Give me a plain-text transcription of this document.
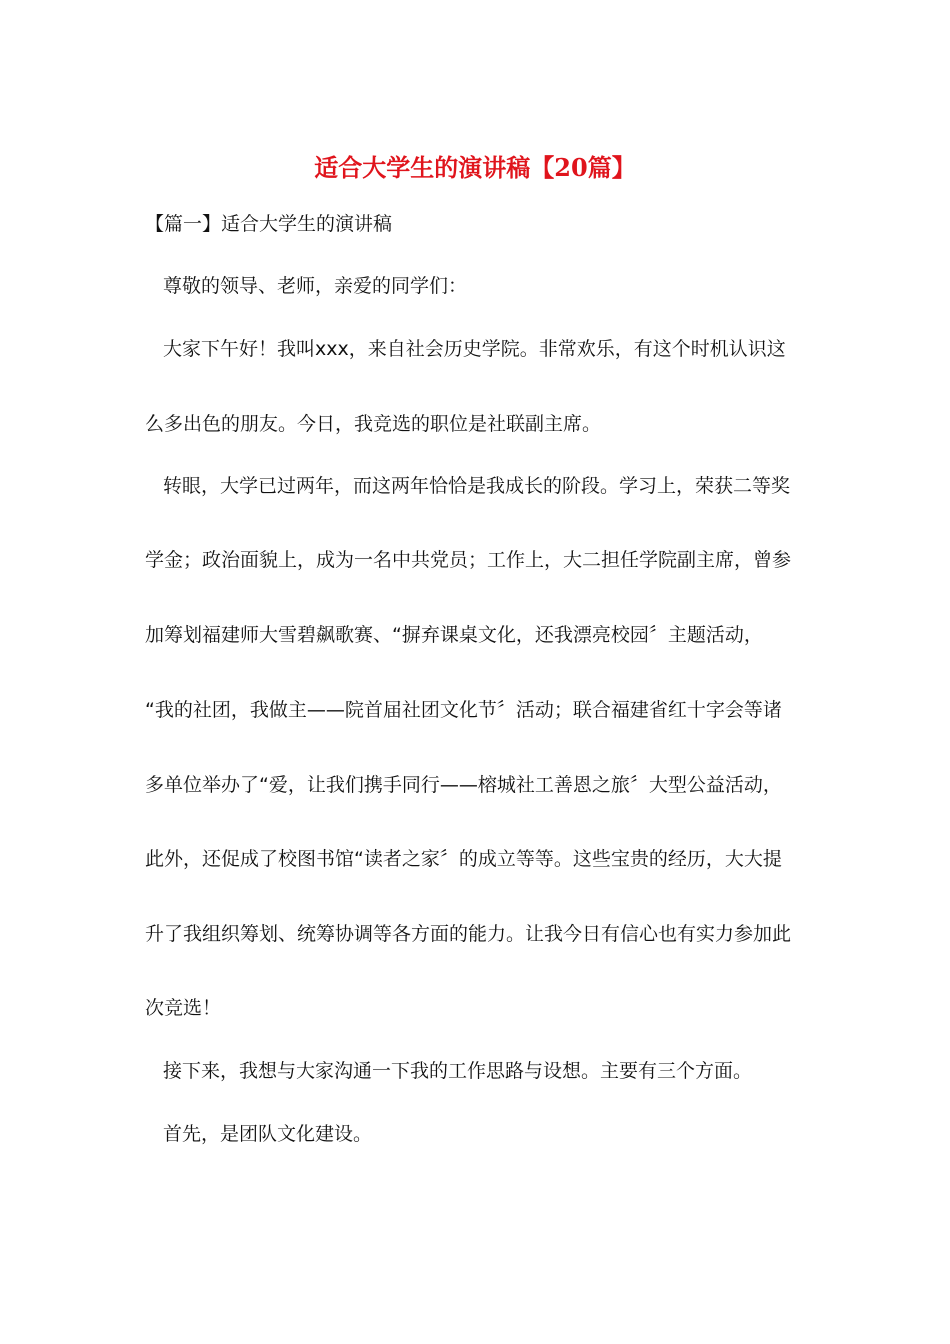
适合大学生的演讲稿【20篇】

【篇一】适合大学生的演讲稿

尊敬的领导、老师，亲爱的同学们：

大家下午好！我叫xxx，来自社会历史学院。非常欢乐，有这个时机认识这

么多出色的朋友。今日，我竞选的职位是社联副主席。

转眼，大学已过两年，而这两年恰恰是我成长的阶段。学习上，荣获二等奖

学金；政治面貌上，成为一名中共党员；工作上，大二担任学院副主席，曾参

加筹划福建师大雪碧飙歌赛、“摒弃课桌文化，还我漂亮校园〞主题活动，

“我的社团，我做主——院首届社团文化节〞活动；联合福建省红十字会等诸

多单位举办了“爱，让我们携手同行——榕城社工善恩之旅〞大型公益活动，

此外，还促成了校图书馆“读者之家〞的成立等等。这些宝贵的经历，大大提

升了我组织筹划、统筹协调等各方面的能力。让我今日有信心也有实力参加此

次竞选！

接下来，我想与大家沟通一下我的工作思路与设想。主要有三个方面。

首先，是团队文化建设。
